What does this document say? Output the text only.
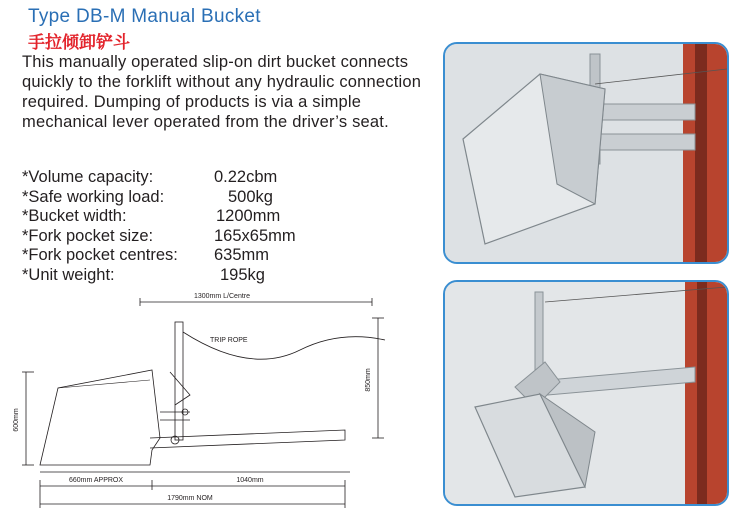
Type DB-M Manual Bucket
手拉倾卸铲斗
This manually operated slip-on dirt bucket connects quickly to the forklift without any hydraulic connection required. Dumping of products is via a simple mechanical lever operated from the driver’s seat.
*Volume capacity:	0.22cbm
*Safe working load:	500kg
*Bucket width:	1200mm
*Fork pocket size:	165x65mm
*Fork pocket centres: 635mm
*Unit weight:	195kg
1300mm L/Centre
TRIP ROPE
600mm
850mm
660mm APPROX	1040mm
1790mm NOM
